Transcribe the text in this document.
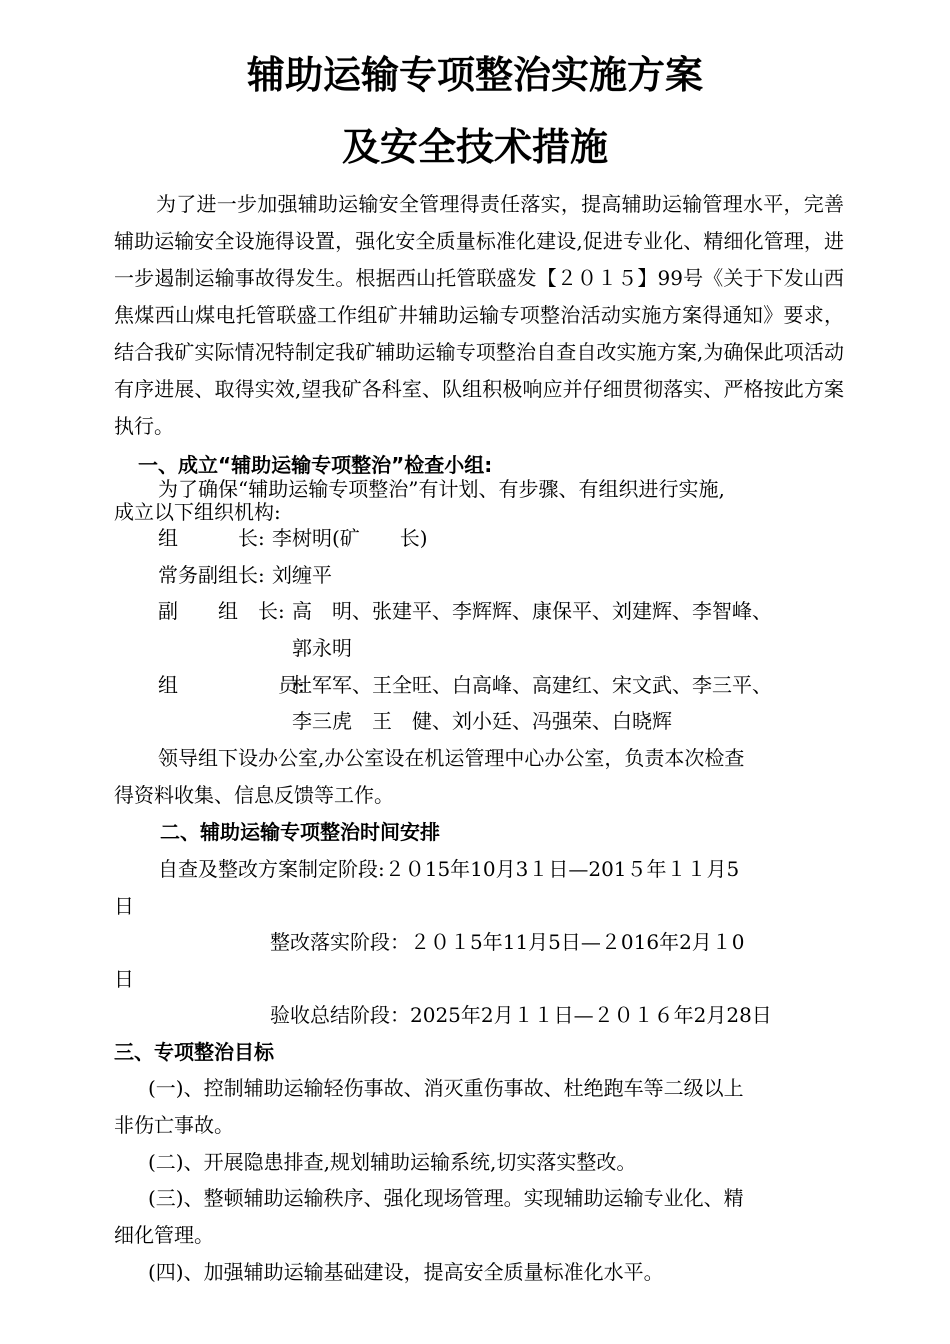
辅助运输专项整治实施方案
及安全技术措施

为了进一步加强辅助运输安全管理得责任落实，提高辅助运输管理水平，完善辅助运输安全设施得设置，强化安全质量标准化建设,促进专业化、精细化管理，进一步遏制运输事故得发生。根据西山托管联盛发【２０１５】99号《关于下发山西焦煤西山煤电托管联盛工作组矿井辅助运输专项整治活动实施方案得通知》要求，结合我矿实际情况特制定我矿辅助运输专项整治自查自改实施方案,为确保此项活动有序进展、取得实效,望我矿各科室、队组积极响应并仔细贯彻落实、严格按此方案执行。

一、成立“辅助运输专项整治”检查小组:
为了确保“辅助运输专项整治”有计划、有步骤、有组织进行实施,
成立以下组织机构:
组　　　长: 李树明(矿　　长)
常务副组长: 刘缠平
副　　组　长: 高　明、张建平、李辉辉、康保平、刘建辉、李智峰、
郭永明
组　　　　　员:
杜军军、王全旺、白高峰、高建红、宋文武、李三平、
李三虎　王　健、刘小廷、冯强荣、白晓辉
领导组下设办公室,办公室设在机运管理中心办公室，负责本次检查
得资料收集、信息反馈等工作。
二、辅助运输专项整治时间安排
自查及整改方案制定阶段:２０15年10月3１日—201５年１１月5
日
整改落实阶段：２０１5年11月5日—２016年2月１0
日
验收总结阶段：2025年2月１１日—２０１６年2月28日
三、专项整治目标
(一)、控制辅助运输轻伤事故、消灭重伤事故、杜绝跑车等二级以上
非伤亡事故。
(二)、开展隐患排查,规划辅助运输系统,切实落实整改。
(三)、整顿辅助运输秩序、强化现场管理。实现辅助运输专业化、精
细化管理。
(四)、加强辅助运输基础建设，提高安全质量标准化水平。
